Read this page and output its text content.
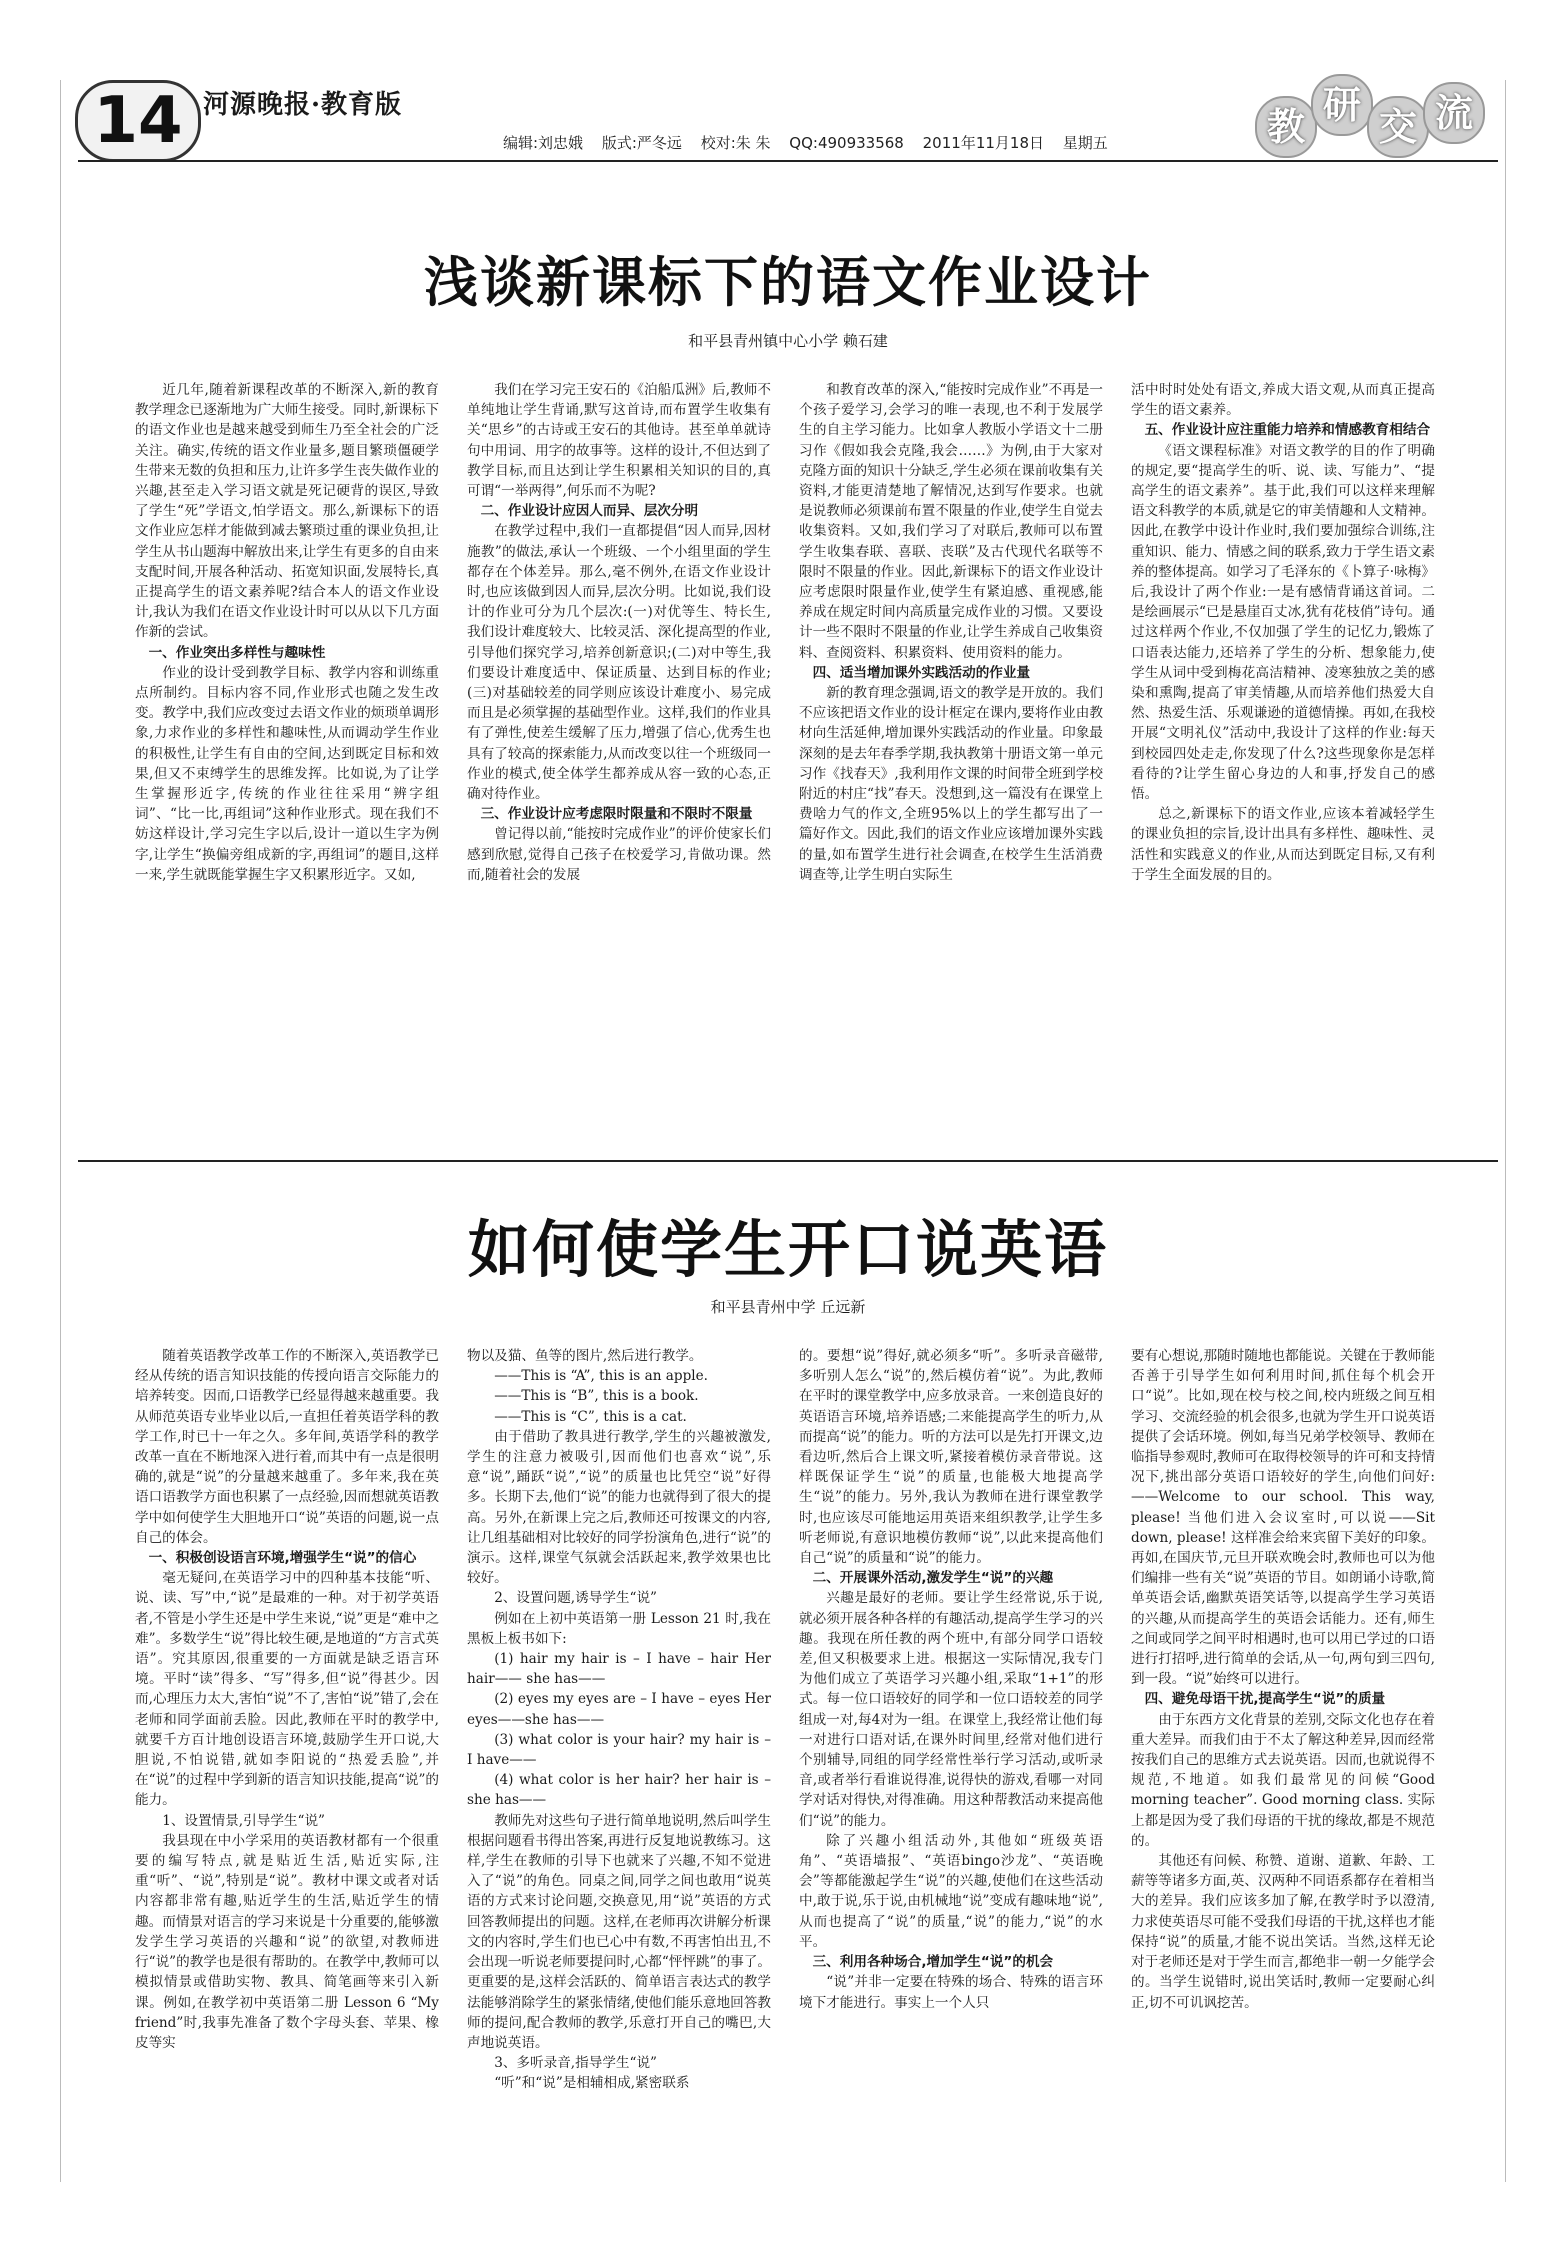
14 河源晚报·教育版
编辑:刘忠娥 版式:严冬远 校对:朱 朱 QQ:490933568 2011年11月18日 星期五	教 研 交 流
浅谈新课标下的语文作业设计
和平县青州镇中心小学 赖石建

近几年,随着新课程改革的不断深入,新的教育教学理念已逐渐地为广大师生接受。同时,新课标下的语文作业也是越来越受到师生乃至全社会的广泛关注。确实,传统的语文作业量多,题目繁琐僵硬学生带来无数的负担和压力,让许多学生丧失做作业的兴趣,甚至走入学习语文就是死记硬背的误区,导致了学生“死”学语文,怕学语文。那么,新课标下的语文作业应怎样才能做到减去繁琐过重的课业负担,让学生从书山题海中解放出来,让学生有更多的自由来支配时间,开展各种活动、拓宽知识面,发展特长,真正提高学生的语文素养呢?结合本人的语文作业设计,我认为我们在语文作业设计时可以从以下几方面作新的尝试。

一、作业突出多样性与趣味性

作业的设计受到教学目标、教学内容和训练重点所制约。目标内容不同,作业形式也随之发生改变。教学中,我们应改变过去语文作业的烦琐单调形象,力求作业的多样性和趣味性,从而调动学生作业的积极性,让学生有自由的空间,达到既定目标和效果,但又不束缚学生的思维发挥。比如说,为了让学生掌握形近字,传统的作业往往采用“辨字组词”、“比一比,再组词”这种作业形式。现在我们不妨这样设计,学习完生字以后,设计一道以生字为例字,让学生“换偏旁组成新的字,再组词”的题目,这样一来,学生就既能掌握生字又积累形近字。又如,

我们在学习完王安石的《泊船瓜洲》后,教师不单纯地让学生背诵,默写这首诗,而布置学生收集有关“思乡”的古诗或王安石的其他诗。甚至单单就诗句中用词、用字的故事等。这样的设计,不但达到了教学目标,而且达到让学生积累相关知识的目的,真可谓“一举两得”,何乐而不为呢?

二、作业设计应因人而异、层次分明

在教学过程中,我们一直都提倡“因人而异,因材施教”的做法,承认一个班级、一个小组里面的学生都存在个体差异。那么,毫不例外,在语文作业设计时,也应该做到因人而异,层次分明。比如说,我们设计的作业可分为几个层次:(一)对优等生、特长生,我们设计难度较大、比较灵活、深化提高型的作业,引导他们探究学习,培养创新意识;(二)对中等生,我们要设计难度适中、保证质量、达到目标的作业;(三)对基础较差的同学则应该设计难度小、易完成而且是必须掌握的基础型作业。这样,我们的作业具有了弹性,使差生缓解了压力,增强了信心,优秀生也具有了较高的探索能力,从而改变以往一个班级同一作业的模式,使全体学生都养成从容一致的心态,正确对待作业。

三、作业设计应考虑限时限量和不限时不限量

曾记得以前,“能按时完成作业”的评价使家长们感到欣慰,觉得自己孩子在校爱学习,肯做功课。然而,随着社会的发展

和教育改革的深入,“能按时完成作业”不再是一个孩子爱学习,会学习的唯一表现,也不利于发展学生的自主学习能力。比如拿人教版小学语文十二册习作《假如我会克隆,我会……》为例,由于大家对克隆方面的知识十分缺乏,学生必须在课前收集有关资料,才能更清楚地了解情况,达到写作要求。也就是说教师必须课前布置不限量的作业,使学生自觉去收集资料。又如,我们学习了对联后,教师可以布置学生收集春联、喜联、丧联”及古代现代名联等不限时不限量的作业。因此,新课标下的语文作业设计应考虑限时限量作业,使学生有紧迫感、重视感,能养成在规定时间内高质量完成作业的习惯。又要设计一些不限时不限量的作业,让学生养成自己收集资料、查阅资料、积累资料、使用资料的能力。

四、适当增加课外实践活动的作业量

新的教育理念强调,语文的教学是开放的。我们不应该把语文作业的设计框定在课内,要将作业由教材向生活延伸,增加课外实践活动的作业量。印象最深刻的是去年春季学期,我执教第十册语文第一单元习作《找春天》,我利用作文课的时间带全班到学校附近的村庄“找”春天。没想到,这一篇没有在课堂上费啥力气的作文,全班95%以上的学生都写出了一篇好作文。因此,我们的语文作业应该增加课外实践的量,如布置学生进行社会调查,在校学生生活消费调查等,让学生明白实际生

活中时时处处有语文,养成大语文观,从而真正提高学生的语文素养。

五、作业设计应注重能力培养和情感教育相结合

《语文课程标准》对语文教学的目的作了明确的规定,要“提高学生的听、说、读、写能力”、“提高学生的语文素养”。基于此,我们可以这样来理解语文科教学的本质,就是它的审美情趣和人文精神。因此,在教学中设计作业时,我们要加强综合训练,注重知识、能力、情感之间的联系,致力于学生语文素养的整体提高。如学习了毛泽东的《卜算子·咏梅》后,我设计了两个作业:一是有感情背诵这首词。二是绘画展示“已是悬崖百丈冰,犹有花枝俏”诗句。通过这样两个作业,不仅加强了学生的记忆力,锻炼了口语表达能力,还培养了学生的分析、想象能力,使学生从词中受到梅花高洁精神、凌寒独放之美的感染和熏陶,提高了审美情趣,从而培养他们热爱大自然、热爱生活、乐观谦逊的道德情操。再如,在我校开展“文明礼仪”活动中,我设计了这样的作业:每天到校园四处走走,你发现了什么?这些现象你是怎样看待的?让学生留心身边的人和事,抒发自己的感悟。

总之,新课标下的语文作业,应该本着减轻学生的课业负担的宗旨,设计出具有多样性、趣味性、灵活性和实践意义的作业,从而达到既定目标,又有利于学生全面发展的目的。

如何使学生开口说英语
和平县青州中学 丘远新

随着英语教学改革工作的不断深入,英语教学已经从传统的语言知识技能的传授向语言交际能力的培养转变。因而,口语教学已经显得越来越重要。我从师范英语专业毕业以后,一直担任着英语学科的教学工作,时已十一年之久。多年间,英语学科的教学改革一直在不断地深入进行着,而其中有一点是很明确的,就是“说”的分量越来越重了。多年来,我在英语口语教学方面也积累了一点经验,因而想就英语教学中如何使学生大胆地开口“说”英语的问题,说一点自己的体会。

一、积极创设语言环境,增强学生“说”的信心

毫无疑问,在英语学习中的四种基本技能“听、说、读、写”中,“说”是最难的一种。对于初学英语者,不管是小学生还是中学生来说,“说”更是“难中之难”。多数学生“说”得比较生硬,是地道的“方言式英语”。究其原因,很重要的一方面就是缺乏语言环境。平时“读”得多、“写”得多,但“说”得甚少。因而,心理压力太大,害怕“说”不了,害怕“说”错了,会在老师和同学面前丢脸。因此,教师在平时的教学中,就要千方百计地创设语言环境,鼓励学生开口说,大胆说,不怕说错,就如李阳说的“热爱丢脸”,并在“说”的过程中学到新的语言知识技能,提高“说”的能力。

1、设置情景,引导学生“说”

我县现在中小学采用的英语教材都有一个很重要的编写特点,就是贴近生活,贴近实际,注重“听”、“说”,特别是“说”。教材中课文或者对话内容都非常有趣,贴近学生的生活,贴近学生的情趣。而情景对语言的学习来说是十分重要的,能够激发学生学习英语的兴趣和“说”的欲望,对教师进行“说”的教学也是很有帮助的。在教学中,教师可以模拟情景或借助实物、教具、简笔画等来引入新课。例如,在教学初中英语第二册 Lesson 6 “My friend”时,我事先准备了数个字母头套、苹果、橡皮等实

物以及猫、鱼等的图片,然后进行教学。

——This is “A”, this is an apple.

——This is “B”, this is a book.

——This is “C”, this is a cat.

由于借助了教具进行教学,学生的兴趣被激发,学生的注意力被吸引,因而他们也喜欢“说”,乐意“说”,踊跃“说”,“说”的质量也比凭空“说”好得多。长期下去,他们“说”的能力也就得到了很大的提高。另外,在新课上完之后,教师还可按课文的内容,让几组基础相对比较好的同学扮演角色,进行“说”的演示。这样,课堂气氛就会活跃起来,教学效果也比较好。

2、设置问题,诱导学生“说”

例如在上初中英语第一册 Lesson 21 时,我在黑板上板书如下:

(1) hair my hair is – I have – hair Her hair—— she has——

(2) eyes my eyes are – I have – eyes Her eyes——she has——

(3) what color is your hair? my hair is – I have——

(4) what color is her hair? her hair is – she has——

教师先对这些句子进行简单地说明,然后叫学生根据问题看书得出答案,再进行反复地说教练习。这样,学生在教师的引导下也就来了兴趣,不知不觉进入了“说”的角色。同桌之间,同学之间也敢用“说英语的方式来讨论问题,交换意见,用“说”英语的方式回答教师提出的问题。这样,在老师再次讲解分析课文的内容时,学生们也已心中有数,不再害怕出丑,不会出现一听说老师要提问时,心都“怦怦跳”的事了。更重要的是,这样会活跃的、简单语言表达式的教学法能够消除学生的紧张情绪,使他们能乐意地回答教师的提问,配合教师的教学,乐意打开自己的嘴巴,大声地说英语。

3、多听录音,指导学生“说”

“听”和“说”是相辅相成,紧密联系

的。要想“说”得好,就必须多“听”。多听录音磁带,多听别人怎么“说”的,然后模仿着“说”。为此,教师在平时的课堂教学中,应多放录音。一来创造良好的英语语言环境,培养语感;二来能提高学生的听力,从而提高“说”的能力。听的方法可以是先打开课文,边看边听,然后合上课文听,紧接着模仿录音带说。这样既保证学生“说”的质量,也能极大地提高学生“说”的能力。另外,我认为教师在进行课堂教学时,也应该尽可能地运用英语来组织教学,让学生多听老师说,有意识地模仿教师“说”,以此来提高他们自己“说”的质量和“说”的能力。

二、开展课外活动,激发学生“说”的兴趣

兴趣是最好的老师。要让学生经常说,乐于说,就必须开展各种各样的有趣活动,提高学生学习的兴趣。我现在所任教的两个班中,有部分同学口语较差,但又积极要求上进。根据这一实际情况,我专门为他们成立了英语学习兴趣小组,采取“1+1”的形式。每一位口语较好的同学和一位口语较差的同学组成一对,每4对为一组。在课堂上,我经常让他们每一对进行口语对话,在课外时间里,经常对他们进行个别辅导,同组的同学经常性举行学习活动,或听录音,或者举行看谁说得准,说得快的游戏,看哪一对同学对话对得快,对得准确。用这种帮教活动来提高他们“说”的能力。

除了兴趣小组活动外,其他如“班级英语角”、“英语墙报”、“英语bingo沙龙”、“英语晚会”等都能激起学生“说”的兴趣,使他们在这些活动中,敢于说,乐于说,由机械地“说”变成有趣味地“说”,从而也提高了“说”的质量,“说”的能力,“说”的水平。

三、利用各种场合,增加学生“说”的机会

“说”并非一定要在特殊的场合、特殊的语言环境下才能进行。事实上一个人只

要有心想说,那随时随地也都能说。关键在于教师能否善于引导学生如何利用时间,抓住每个机会开口“说”。比如,现在校与校之间,校内班级之间互相学习、交流经验的机会很多,也就为学生开口说英语提供了会话环境。例如,每当兄弟学校领导、教师在临指导参观时,教师可在取得校领导的许可和支持情况下,挑出部分英语口语较好的学生,向他们问好:——Welcome to our school. This way, please! 当他们进入会议室时,可以说——Sit down, please! 这样准会给来宾留下美好的印象。再如,在国庆节,元旦开联欢晚会时,教师也可以为他们编排一些有关“说”英语的节目。如朗诵小诗歌,简单英语会话,幽默英语笑话等,以提高学生学习英语的兴趣,从而提高学生的英语会话能力。还有,师生之间或同学之间平时相遇时,也可以用已学过的口语进行打招呼,进行简单的会话,从一句,两句到三四句,到一段。“说”始终可以进行。

四、避免母语干扰,提高学生“说”的质量

由于东西方文化背景的差别,交际文化也存在着重大差异。而我们由于不太了解这种差异,因而经常按我们自己的思维方式去说英语。因而,也就说得不规范,不地道。如我们最常见的问候“Good morning teacher”. Good morning class. 实际上都是因为受了我们母语的干扰的缘故,都是不规范的。

其他还有问候、称赞、道谢、道歉、年龄、工薪等等诸多方面,英、汉两种不同语系都存在着相当大的差异。我们应该多加了解,在教学时予以澄清,力求使英语尽可能不受我们母语的干扰,这样也才能保持“说”的质量,才能不说出笑话。当然,这样无论对于老师还是对于学生而言,都绝非一朝一夕能学会的。当学生说错时,说出笑话时,教师一定要耐心纠正,切不可讥讽挖苦。
